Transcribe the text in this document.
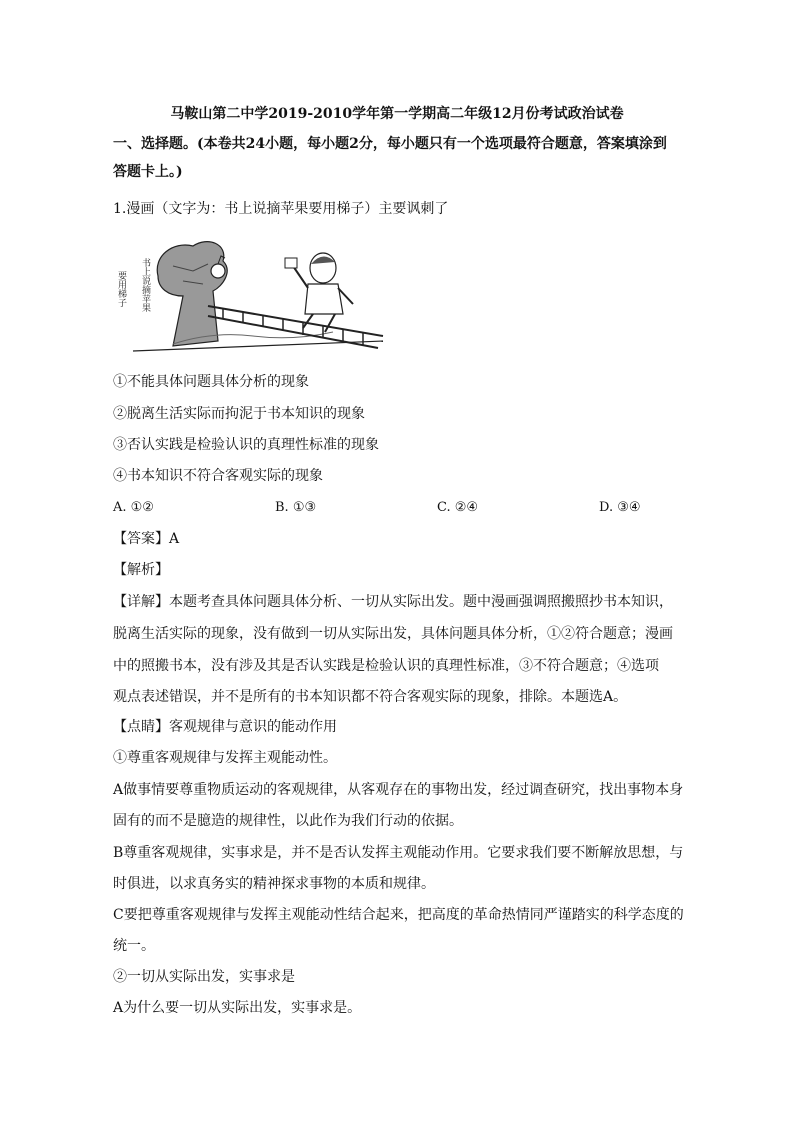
马鞍山第二中学2019-2010学年第一学期高二年级12月份考试政治试卷
一、选择题。(本卷共24小题，每小题2分，每小题只有一个选项最符合题意，答案填涂到
答题卡上。)
1.漫画（文字为：书上说摘苹果要用梯子）主要讽刺了
要用梯子 书上说摘苹果
①不能具体问题具体分析的现象
②脱离生活实际而拘泥于书本知识的现象
③否认实践是检验认识的真理性标准的现象
④书本知识不符合客观实际的现象
A. ①②	B. ①③	C. ②④	D. ③④
【答案】A
【解析】
【详解】本题考查具体问题具体分析、一切从实际出发。题中漫画强调照搬照抄书本知识，
脱离生活实际的现象，没有做到一切从实际出发，具体问题具体分析，①②符合题意；漫画
中的照搬书本，没有涉及其是否认实践是检验认识的真理性标准，③不符合题意；④选项
观点表述错误，并不是所有的书本知识都不符合客观实际的现象，排除。本题选A。
【点睛】客观规律与意识的能动作用
①尊重客观规律与发挥主观能动性。
A做事情要尊重物质运动的客观规律，从客观存在的事物出发，经过调查研究，找出事物本身
固有的而不是臆造的规律性，以此作为我们行动的依据。
B尊重客观规律，实事求是，并不是否认发挥主观能动作用。它要求我们要不断解放思想，与
时俱进，以求真务实的精神探求事物的本质和规律。
C要把尊重客观规律与发挥主观能动性结合起来，把高度的革命热情同严谨踏实的科学态度的
统一。
②一切从实际出发，实事求是
A为什么要一切从实际出发，实事求是。
